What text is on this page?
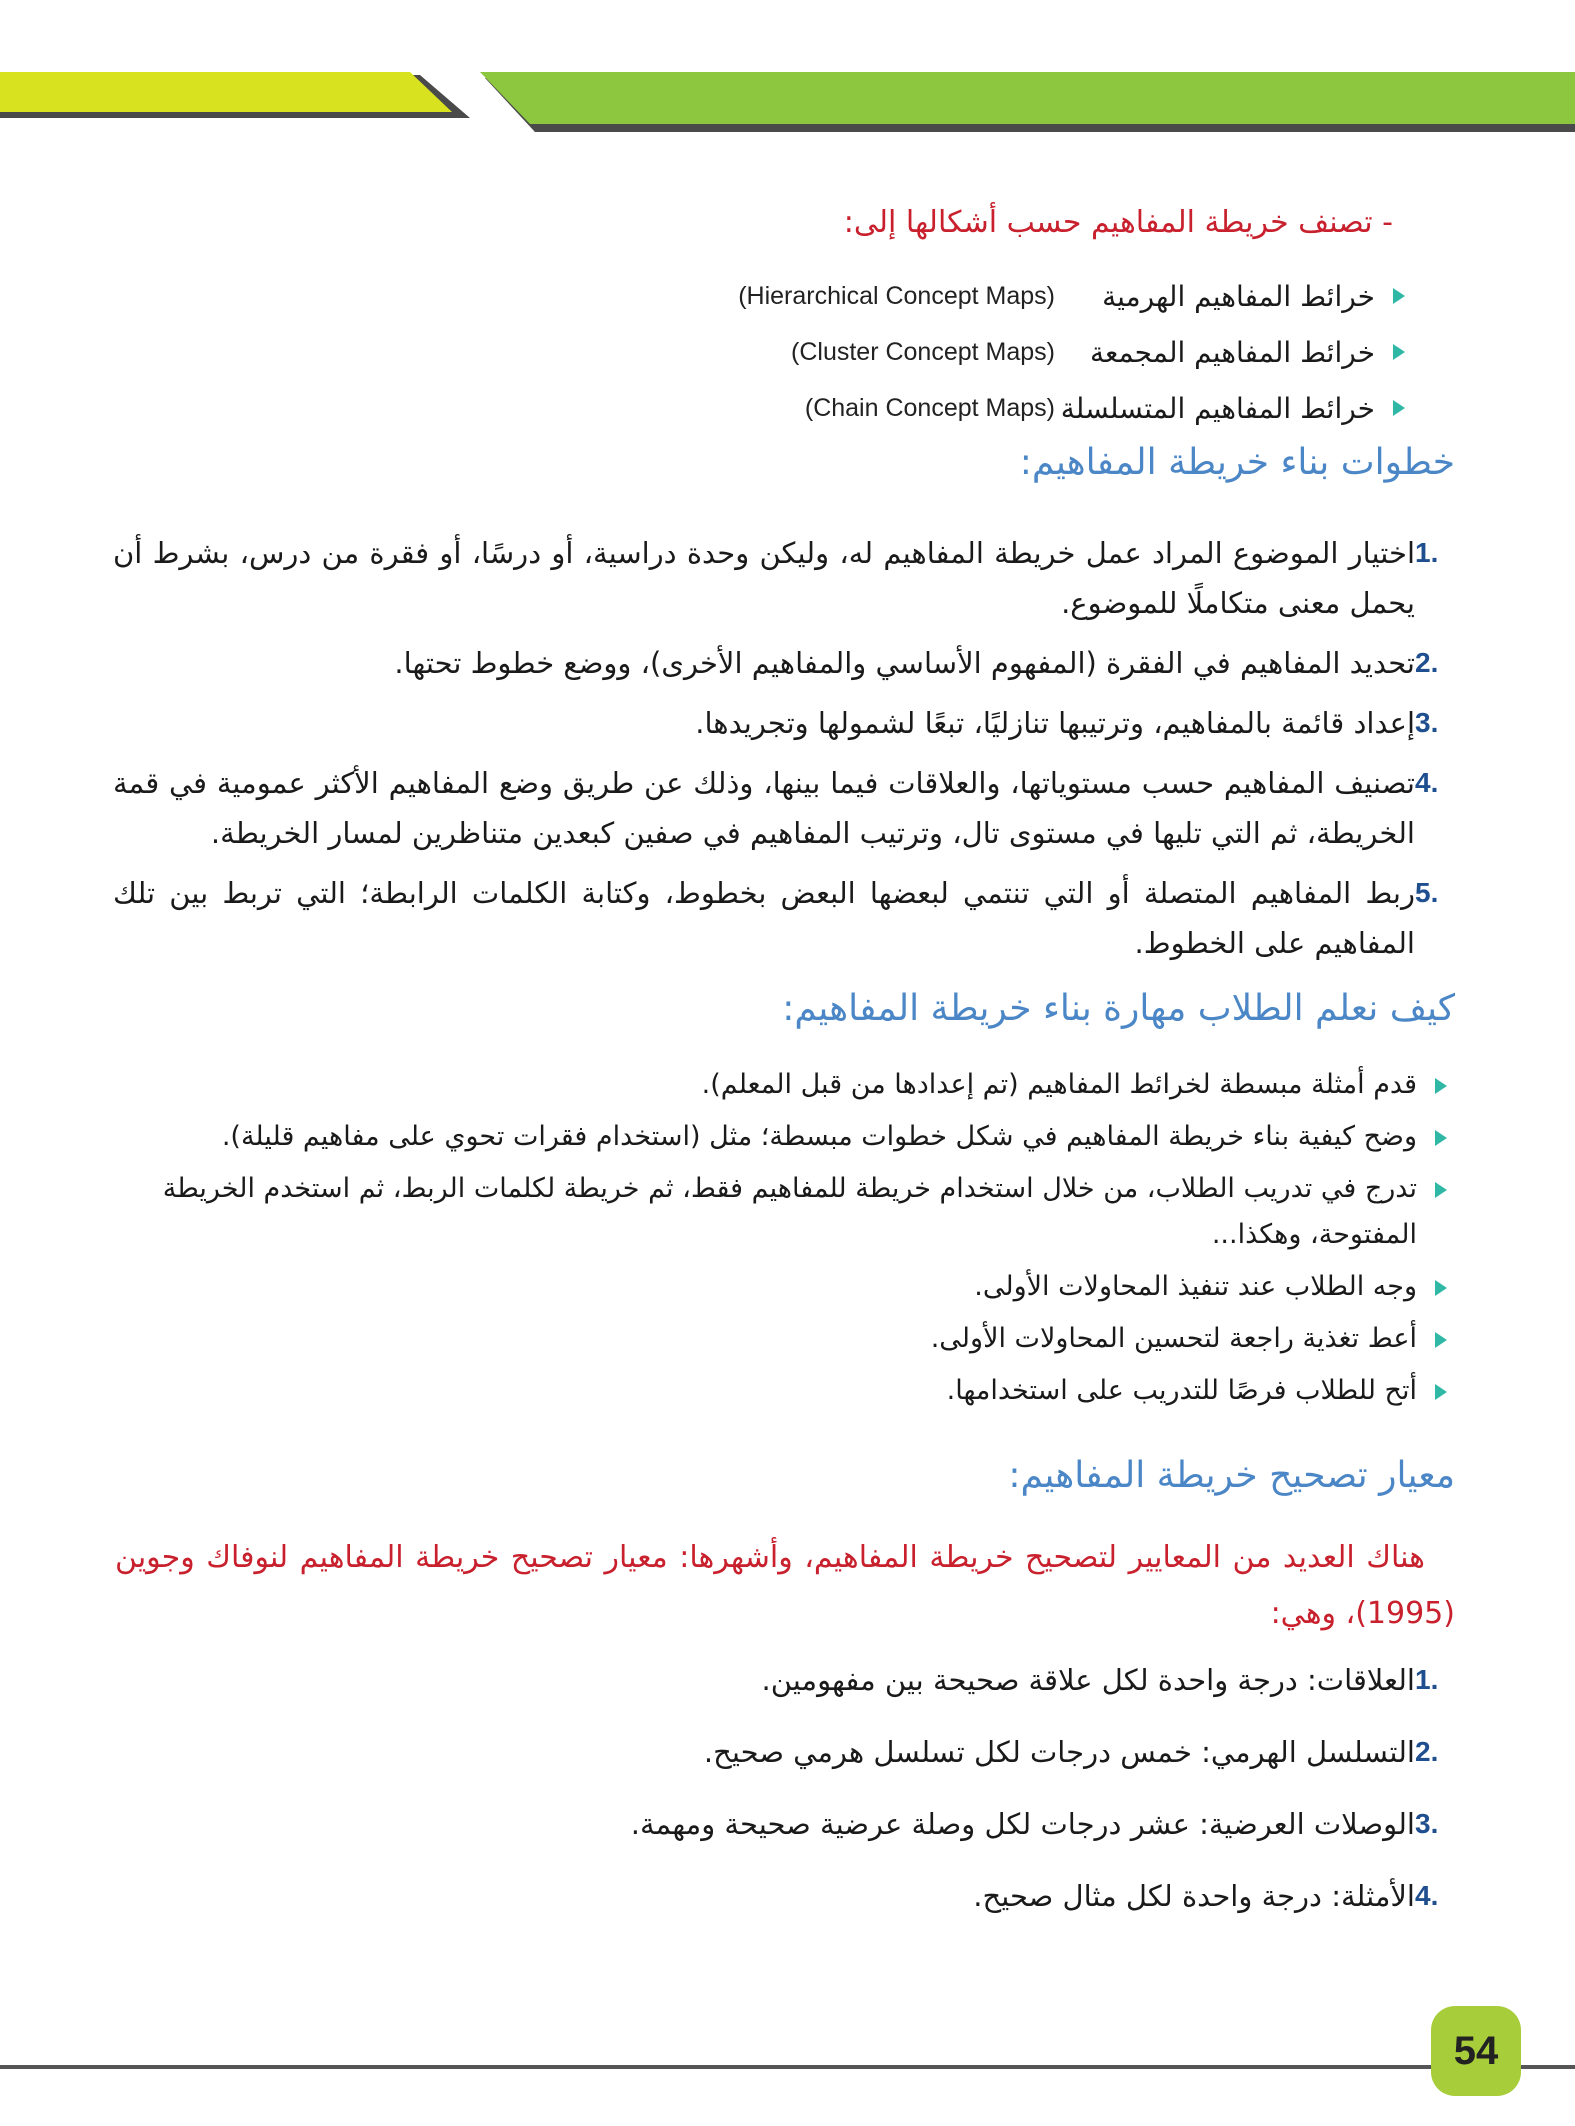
- تصنف خريطة المفاهيم حسب أشكالها إلى:
خرائط المفاهيم الهرمية
(Hierarchical Concept Maps)
خرائط المفاهيم المجمعة
(Cluster Concept Maps)
خرائط المفاهيم المتسلسلة
(Chain Concept Maps)
خطوات بناء خريطة المفاهيم:
1.
اختيار الموضوع المراد عمل خريطة المفاهيم له، وليكن وحدة دراسية، أو درسًا، أو فقرة من درس، بشرط أن يحمل معنى متكاملًا للموضوع.
2.
تحديد المفاهيم في الفقرة (المفهوم الأساسي والمفاهيم الأخرى)، ووضع خطوط تحتها.
3.
إعداد قائمة بالمفاهيم، وترتيبها تنازليًا، تبعًا لشمولها وتجريدها.
4.
تصنيف المفاهيم حسب مستوياتها، والعلاقات فيما بينها، وذلك عن طريق وضع المفاهيم الأكثر عمومية في قمة الخريطة، ثم التي تليها في مستوى تال، وترتيب المفاهيم في صفين كبعدين متناظرين لمسار الخريطة.
5.
ربط المفاهيم المتصلة أو التي تنتمي لبعضها البعض بخطوط، وكتابة الكلمات الرابطة؛ التي تربط بين تلك المفاهيم على الخطوط.
كيف نعلم الطلاب مهارة بناء خريطة المفاهيم:
قدم أمثلة مبسطة لخرائط المفاهيم (تم إعدادها من قبل المعلم).
وضح كيفية بناء خريطة المفاهيم في شكل خطوات مبسطة؛ مثل (استخدام فقرات تحوي على مفاهيم قليلة).
تدرج في تدريب الطلاب، من خلال استخدام خريطة للمفاهيم فقط، ثم خريطة لكلمات الربط، ثم استخدم الخريطة المفتوحة، وهكذا...
وجه الطلاب عند تنفيذ المحاولات الأولى.
أعط تغذية راجعة لتحسين المحاولات الأولى.
أتح للطلاب فرصًا للتدريب على استخدامها.
معيار تصحيح خريطة المفاهيم:

هناك العديد من المعايير لتصحيح خريطة المفاهيم، وأشهرها: معيار تصحيح خريطة المفاهيم لنوفاك وجوين (1995)، وهي:

1.
العلاقات: درجة واحدة لكل علاقة صحيحة بين مفهومين.
2.
التسلسل الهرمي: خمس درجات لكل تسلسل هرمي صحيح.
3.
الوصلات العرضية: عشر درجات لكل وصلة عرضية صحيحة ومهمة.
4.
الأمثلة: درجة واحدة لكل مثال صحيح.
54
